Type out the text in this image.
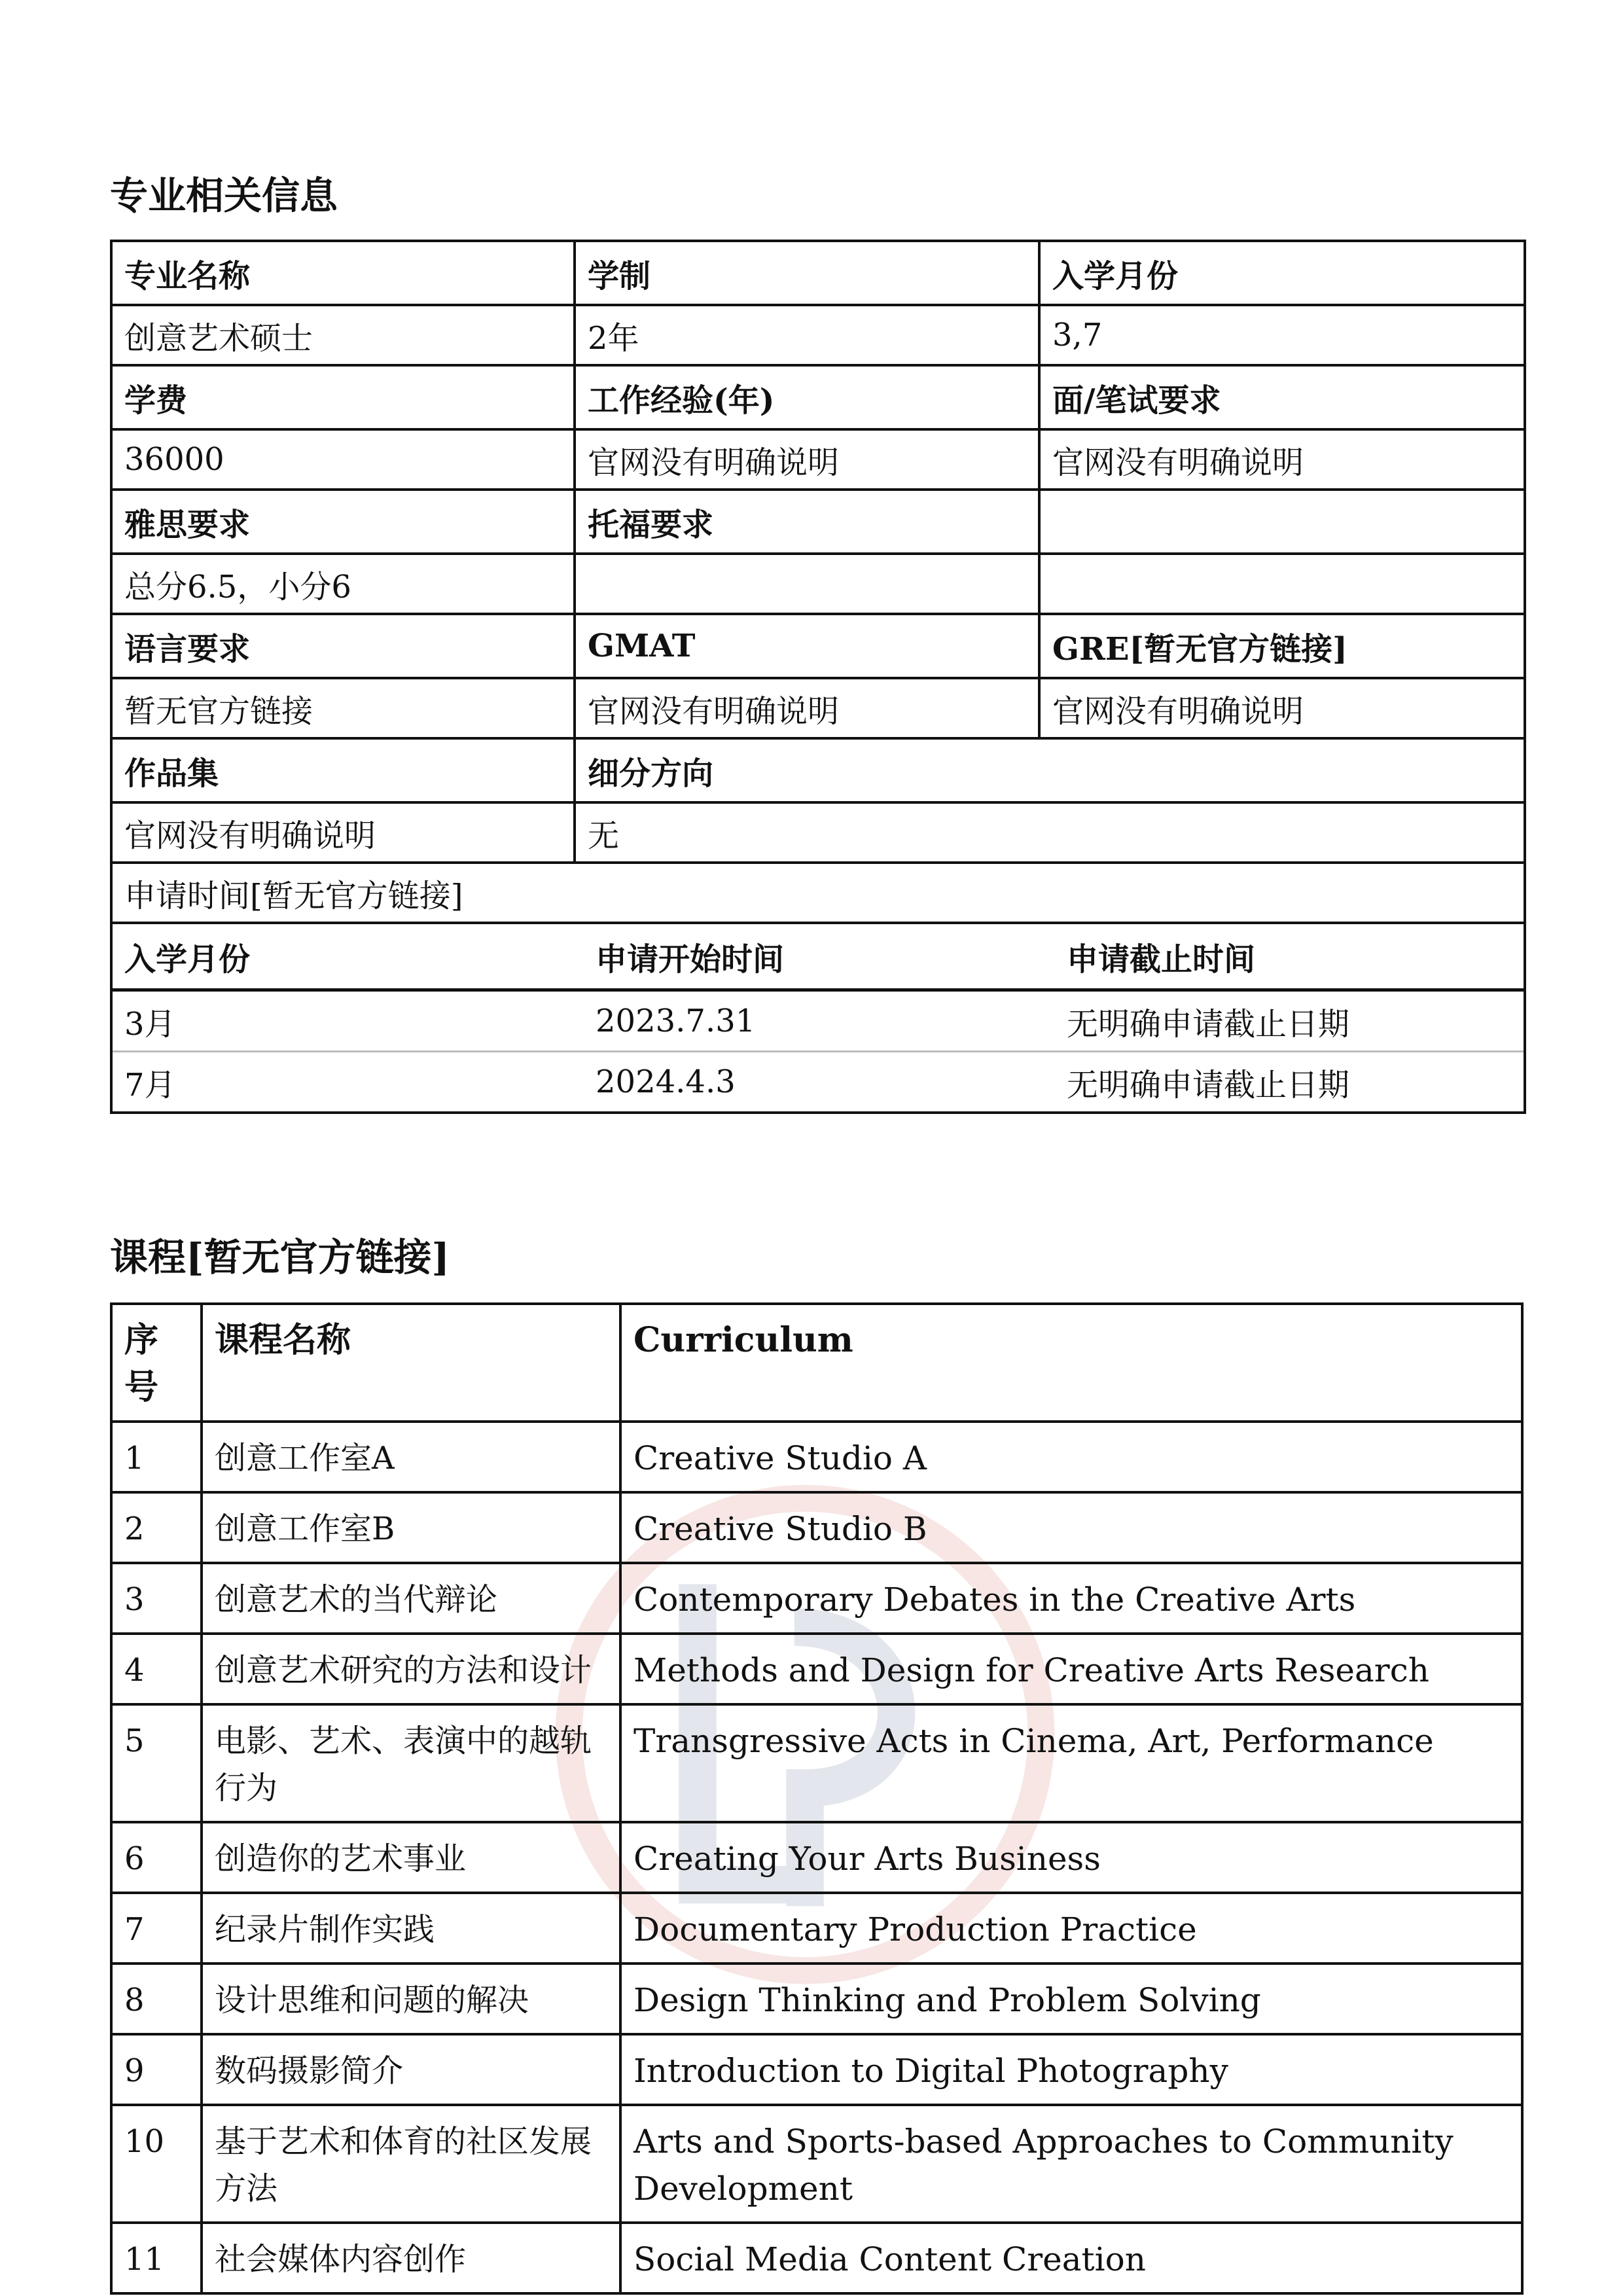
专业相关信息
专业名称	学制	入学月份
创意艺术硕士	2年	3,7
学费	工作经验(年)	面/笔试要求
36000	官网没有明确说明	官网没有明确说明
雅思要求	托福要求	
总分6.5，小分6		
语言要求	GMAT	GRE[暂无官方链接]
暂无官方链接	官网没有明确说明	官网没有明确说明
作品集	细分方向
官网没有明确说明	无
申请时间[暂无官方链接]

入学月份	申请开始时间	申请截止时间
3月	2023.7.31	无明确申请截止日期
7月	2024.4.3	无明确申请截止日期
课程[暂无官方链接]
序号	课程名称	Curriculum
1	创意工作室A	Creative Studio A
2	创意工作室B	Creative Studio B
3	创意艺术的当代辩论	Contemporary Debates in the Creative Arts
4	创意艺术研究的方法和设计	Methods and Design for Creative Arts Research
5	电影、艺术、表演中的越轨行为	Transgressive Acts in Cinema, Art, Performance
6	创造你的艺术事业	Creating Your Arts Business
7	纪录片制作实践	Documentary Production Practice
8	设计思维和问题的解决	Design Thinking and Problem Solving
9	数码摄影简介	Introduction to Digital Photography
10	基于艺术和体育的社区发展方法	Arts and Sports-based Approaches to Community Development
11	社会媒体内容创作	Social Media Content Creation
